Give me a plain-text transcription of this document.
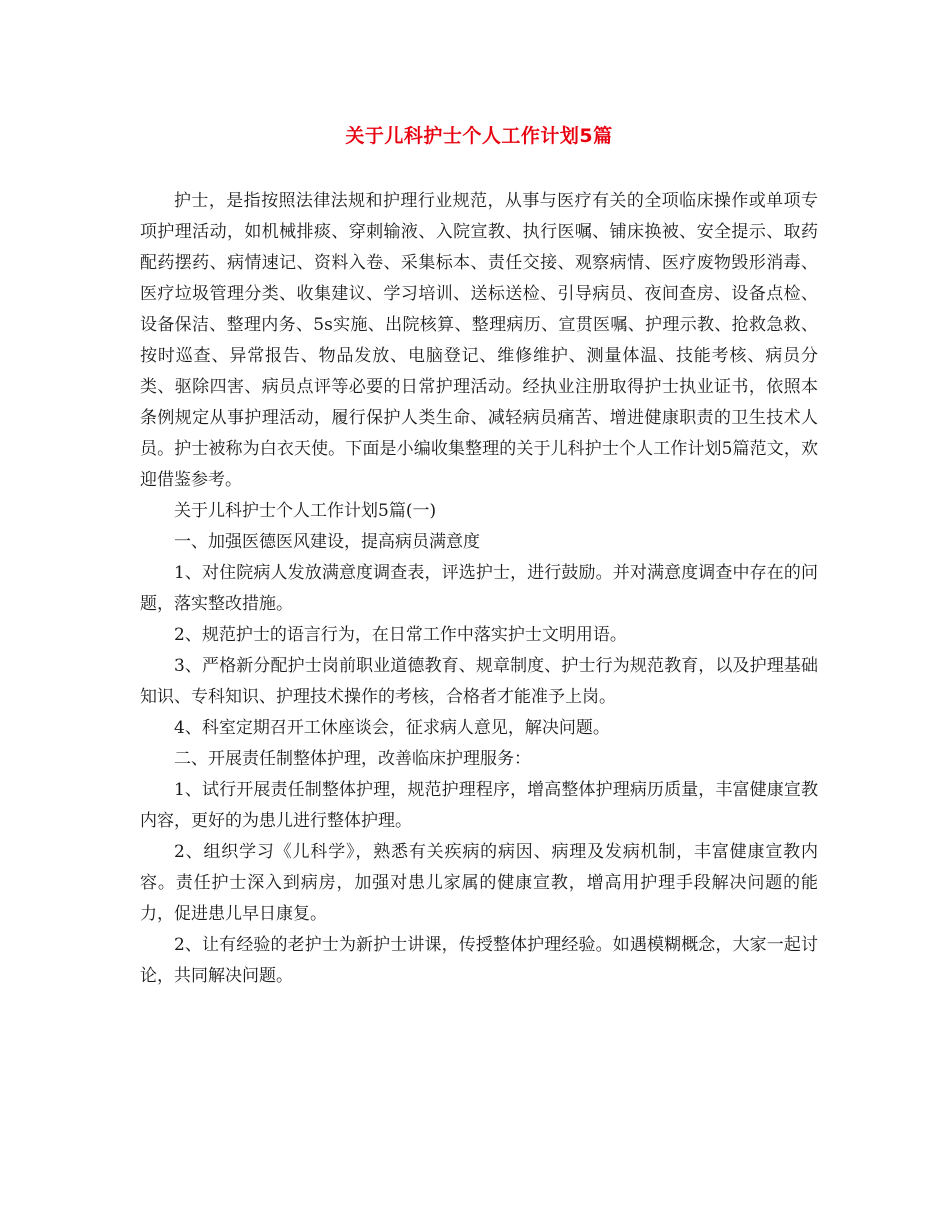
关于儿科护士个人工作计划5篇

护士，是指按照法律法规和护理行业规范，从事与医疗有关的全项临床操作或单项专项护理活动，如机械排痰、穿刺输液、入院宣教、执行医嘱、铺床换被、安全提示、取药配药摆药、病情速记、资料入卷、采集标本、责任交接、观察病情、医疗废物毁形消毒、医疗垃圾管理分类、收集建议、学习培训、送标送检、引导病员、夜间查房、设备点检、设备保洁、整理内务、5s实施、出院核算、整理病历、宣贯医嘱、护理示教、抢救急救、按时巡查、异常报告、物品发放、电脑登记、维修维护、测量体温、技能考核、病员分类、驱除四害、病员点评等必要的日常护理活动。经执业注册取得护士执业证书，依照本条例规定从事护理活动，履行保护人类生命、减轻病员痛苦、增进健康职责的卫生技术人员。护士被称为白衣天使。下面是小编收集整理的关于儿科护士个人工作计划5篇范文，欢迎借鉴参考。

关于儿科护士个人工作计划5篇(一)

一、加强医德医风建设，提高病员满意度

1、对住院病人发放满意度调查表，评选护士，进行鼓励。并对满意度调查中存在的问题，落实整改措施。

2、规范护士的语言行为，在日常工作中落实护士文明用语。

3、严格新分配护士岗前职业道德教育、规章制度、护士行为规范教育，以及护理基础知识、专科知识、护理技术操作的考核，合格者才能准予上岗。

4、科室定期召开工休座谈会，征求病人意见，解决问题。

二、开展责任制整体护理，改善临床护理服务：

1、试行开展责任制整体护理，规范护理程序，增高整体护理病历质量，丰富健康宣教内容，更好的为患儿进行整体护理。

2、组织学习《儿科学》，熟悉有关疾病的病因、病理及发病机制，丰富健康宣教内容。责任护士深入到病房，加强对患儿家属的健康宣教，增高用护理手段解决问题的能力，促进患儿早日康复。

2、让有经验的老护士为新护士讲课，传授整体护理经验。如遇模糊概念，大家一起讨论，共同解决问题。
